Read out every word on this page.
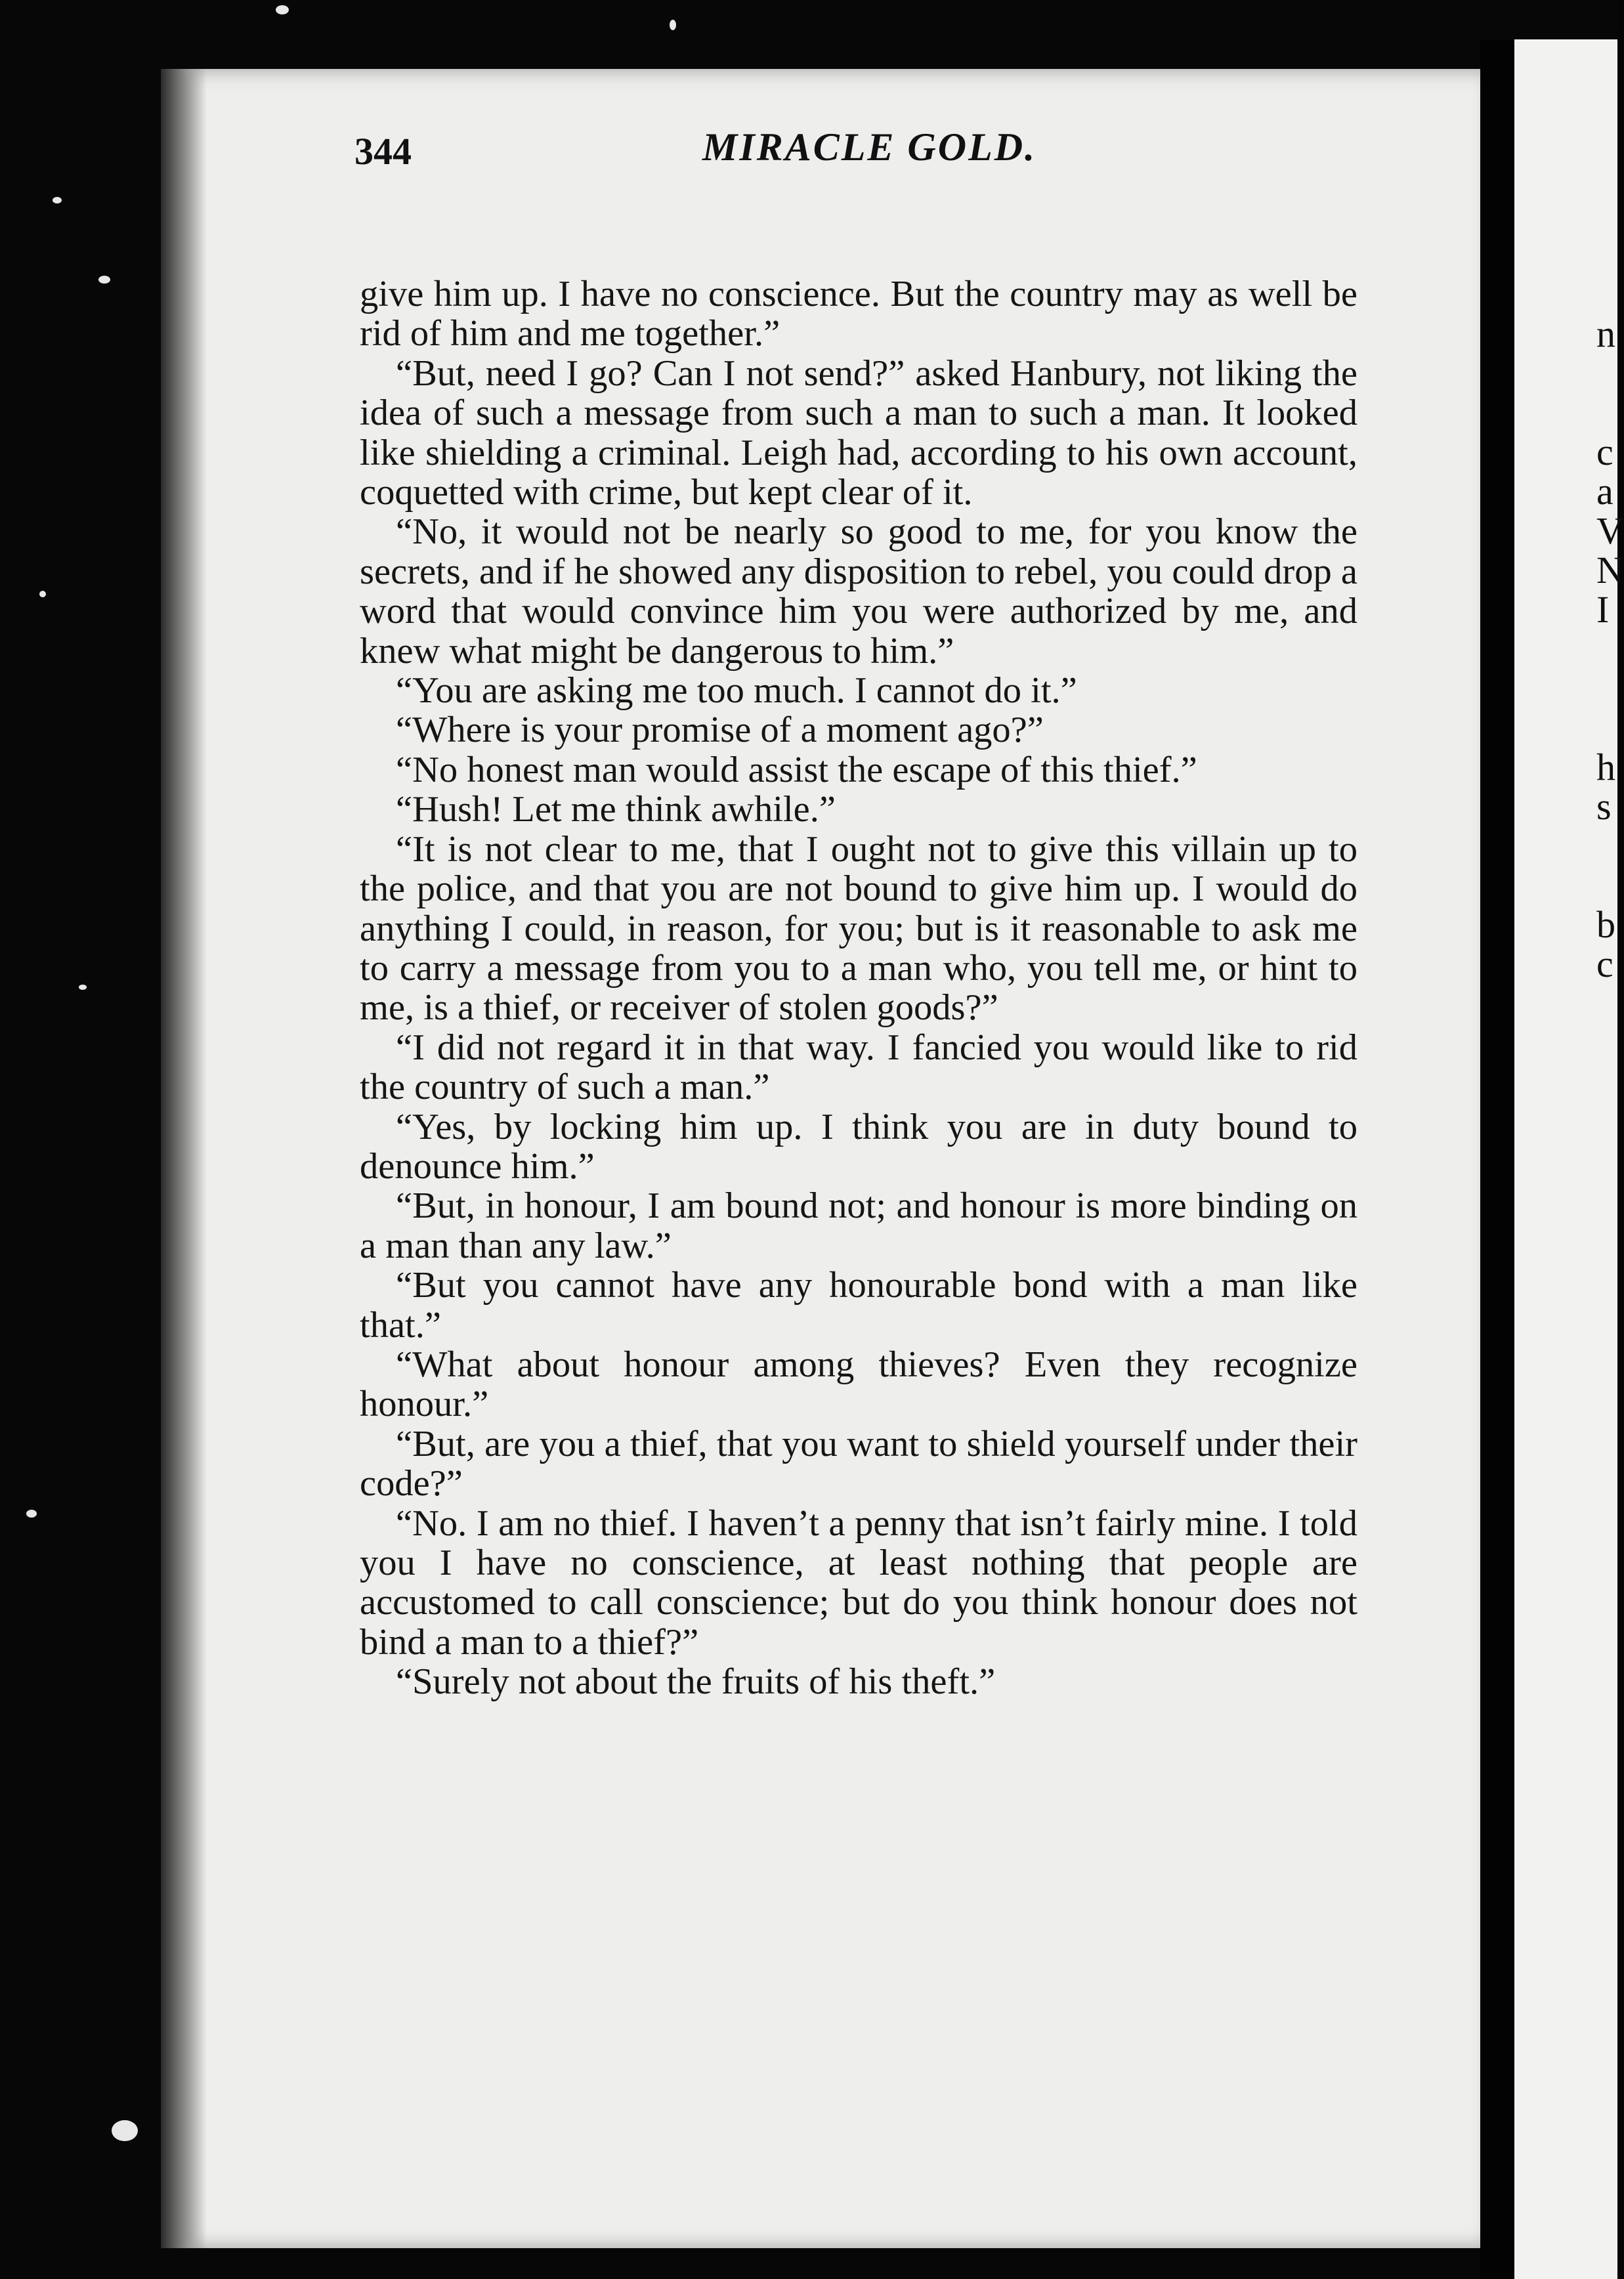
n
c
a
V
N
I
h
s
b
c
344	MIRACLE GOLD.

give him up. I have no conscience. But the country may as well be rid of him and me together.”

“But, need I go? Can I not send?” asked Hanbury, not liking the idea of such a message from such a man to such a man. It looked like shielding a criminal. Leigh had, according to his own account, coquetted with crime, but kept clear of it.

“No, it would not be nearly so good to me, for you know the secrets, and if he showed any disposition to rebel, you could drop a word that would convince him you were authorized by me, and knew what might be dangerous to him.”

“You are asking me too much. I cannot do it.”

“Where is your promise of a moment ago?”

“No honest man would assist the escape of this thief.”

“Hush! Let me think awhile.”

“It is not clear to me, that I ought not to give this villain up to the police, and that you are not bound to give him up. I would do anything I could, in reason, for you; but is it reasonable to ask me to carry a message from you to a man who, you tell me, or hint to me, is a thief, or receiver of stolen goods?”

“I did not regard it in that way. I fancied you would like to rid the country of such a man.”

“Yes, by locking him up. I think you are in duty bound to denounce him.”

“But, in honour, I am bound not; and honour is more binding on a man than any law.”

“But you cannot have any honourable bond with a man like that.”

“What about honour among thieves? Even they recognize honour.”

“But, are you a thief, that you want to shield yourself under their code?”

“No. I am no thief. I haven’t a penny that isn’t fairly mine. I told you I have no conscience, at least nothing that people are accustomed to call conscience; but do you think honour does not bind a man to a thief?”

“Surely not about the fruits of his theft.”
